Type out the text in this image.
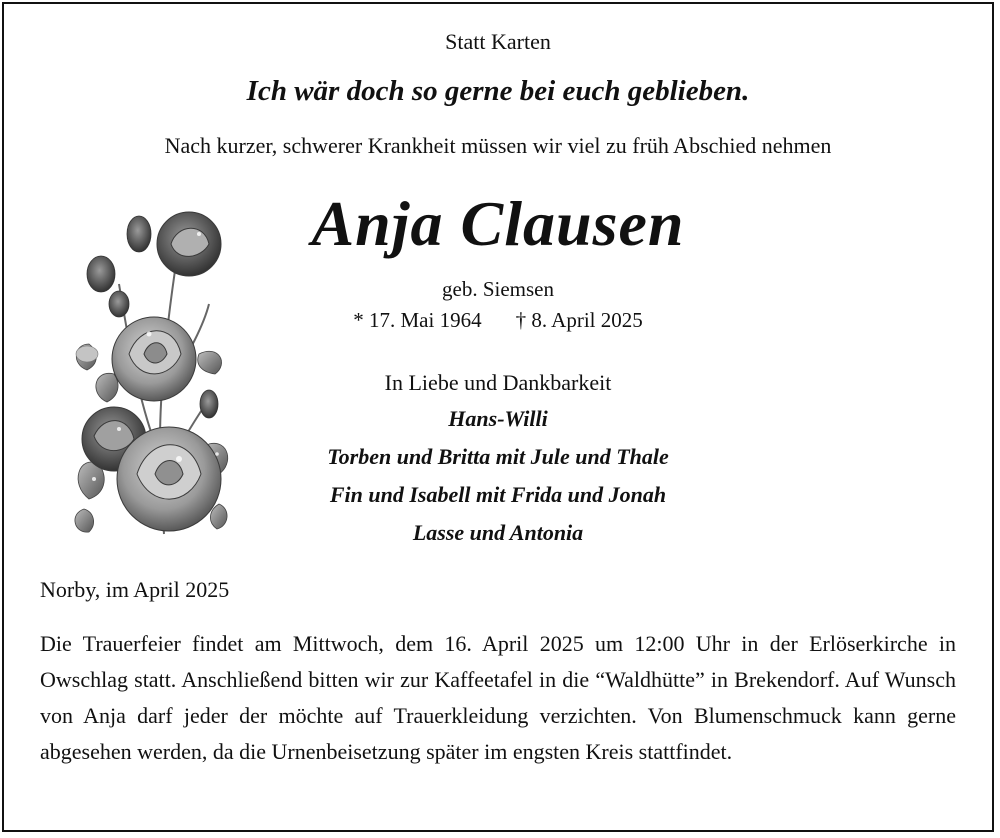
Statt Karten
Ich wär doch so gerne bei euch geblieben.
Nach kurzer, schwerer Krankheit müssen wir viel zu früh Abschied nehmen
Anja Clausen
geb. Siemsen
* 17. Mai 1964 † 8. April 2025
In Liebe und Dankbarkeit
Hans-Willi
Torben und Britta mit Jule und Thale
Fin und Isabell mit Frida und Jonah
Lasse und Antonia
Norby, im April 2025

Die Trauerfeier findet am Mittwoch, dem 16. April 2025 um 12:00 Uhr in der Erlöserkirche in Owschlag statt. Anschließend bitten wir zur Kaffeetafel in die “Waldhütte” in Brekendorf. Auf Wunsch von Anja darf jeder der möchte auf Trauerkleidung verzichten. Von Blumenschmuck kann gerne abgesehen werden, da die Urnenbeisetzung später im engsten Kreis stattfindet.
